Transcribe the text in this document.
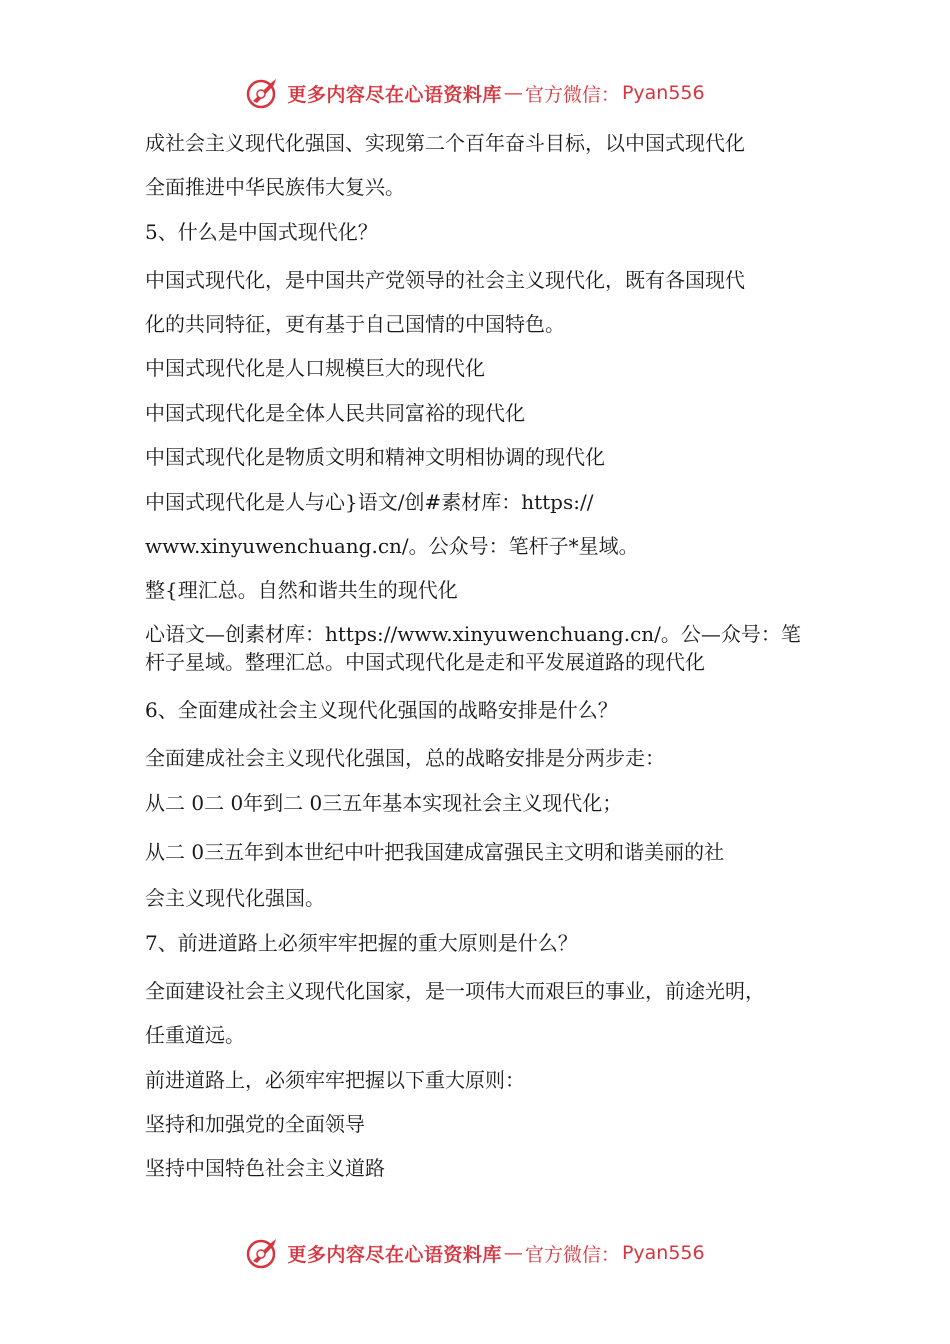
更多内容尽在心语资料库 — 官方微信： Pyan556
成社会主义现代化强国、实现第二个百年奋斗目标，以中国式现代化
全面推进中华民族伟大复兴。
5、什么是中国式现代化？
中国式现代化，是中国共产党领导的社会主义现代化，既有各国现代
化的共同特征，更有基于自己国情的中国特色。
中国式现代化是人口规模巨大的现代化
中国式现代化是全体人民共同富裕的现代化
中国式现代化是物质文明和精神文明相协调的现代化
中国式现代化是人与心}语文/创#素材库：https://
www.xinyuwenchuang.cn/。公众号：笔杆子*星域。
整{理汇总。自然和谐共生的现代化
心语文—创素材库：https://www.xinyuwenchuang.cn/。公—众号：笔
杆子星域。整理汇总。中国式现代化是走和平发展道路的现代化
6、全面建成社会主义现代化强国的战略安排是什么？
全面建成社会主义现代化强国，总的战略安排是分两步走：
从二 0二 0年到二 0三五年基本实现社会主义现代化；
从二 0三五年到本世纪中叶把我国建成富强民主文明和谐美丽的社
会主义现代化强国。
7、前进道路上必须牢牢把握的重大原则是什么？
全面建设社会主义现代化国家，是一项伟大而艰巨的事业，前途光明，
任重道远。
前进道路上，必须牢牢把握以下重大原则：
坚持和加强党的全面领导
坚持中国特色社会主义道路
更多内容尽在心语资料库 — 官方微信： Pyan556
